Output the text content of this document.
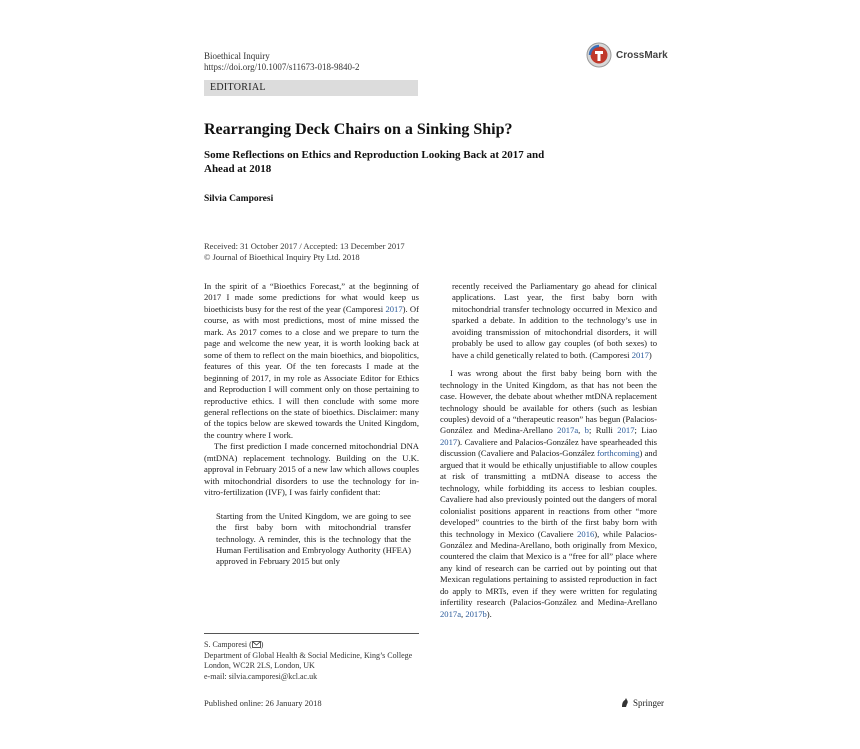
Bioethical Inquiry
https://doi.org/10.1007/s11673-018-9840-2
CrossMark
EDITORIAL
Rearranging Deck Chairs on a Sinking Ship?
Some Reflections on Ethics and Reproduction Looking Back at 2017 and Ahead at 2018
Silvia Camporesi
Received: 31 October 2017 / Accepted: 13 December 2017
© Journal of Bioethical Inquiry Pty Ltd. 2018

In the spirit of a “Bioethics Forecast,” at the beginning of 2017 I made some predictions for what would keep us bioethicists busy for the rest of the year (Camporesi 2017). Of course, as with most predictions, most of mine missed the mark. As 2017 comes to a close and we prepare to turn the page and welcome the new year, it is worth looking back at some of them to reflect on the main bioethics, and biopolitics, features of this year. Of the ten forecasts I made at the beginning of 2017, in my role as Associate Editor for Ethics and Reproduction I will comment only on those pertaining to reproductive ethics. I will then conclude with some more general reflections on the state of bioethics. Disclaimer: many of the topics below are skewed towards the United Kingdom, the country where I work.

The first prediction I made concerned mitochondrial DNA (mtDNA) replacement technology. Building on the U.K. approval in February 2015 of a new law which allows couples with mitochondrial disorders to use the technology for in-vitro-fertilization (IVF), I was fairly confident that:

Starting from the United Kingdom, we are going to see the first baby born with mitochondrial transfer technology. A reminder, this is the technology that the Human Fertilisation and Embryology Authority (HFEA) approved in February 2015 but only

recently received the Parliamentary go ahead for clinical applications. Last year, the first baby born with mitochondrial transfer technology occurred in Mexico and sparked a debate. In addition to the technology’s use in avoiding transmission of mitochondrial disorders, it will probably be used to allow gay couples (of both sexes) to have a child genetically related to both. (Camporesi 2017)

I was wrong about the first baby being born with the technology in the United Kingdom, as that has not been the case. However, the debate about whether mtDNA replacement technology should be available for others (such as lesbian couples) devoid of a “therapeutic reason” has begun (Palacios-González and Medina-Arellano 2017a, b; Rulli 2017; Liao 2017). Cavaliere and Palacios-González have spearheaded this discussion (Cavaliere and Palacios-González forthcoming) and argued that it would be ethically unjustifiable to allow couples at risk of transmitting a mtDNA disease to access the technology, while forbidding its access to lesbian couples. Cavaliere had also previously pointed out the dangers of moral colonialist positions apparent in reactions from other “more developed” countries to the birth of the first baby born with this technology in Mexico (Cavaliere 2016), while Palacios-González and Medina-Arellano, both originally from Mexico, countered the claim that Mexico is a “free for all” place where any kind of research can be carried out by pointing out that Mexican regulations pertaining to assisted reproduction in fact do apply to MRTs, even if they were written for regulating infertility research (Palacios-González and Medina-Arellano 2017a, 2017b).

S. Camporesi ( )
Department of Global Health & Social Medicine, King’s College London, WC2R 2LS, London, UK
e-mail: silvia.camporesi@kcl.ac.uk
Published online: 26 January 2018	Springer
